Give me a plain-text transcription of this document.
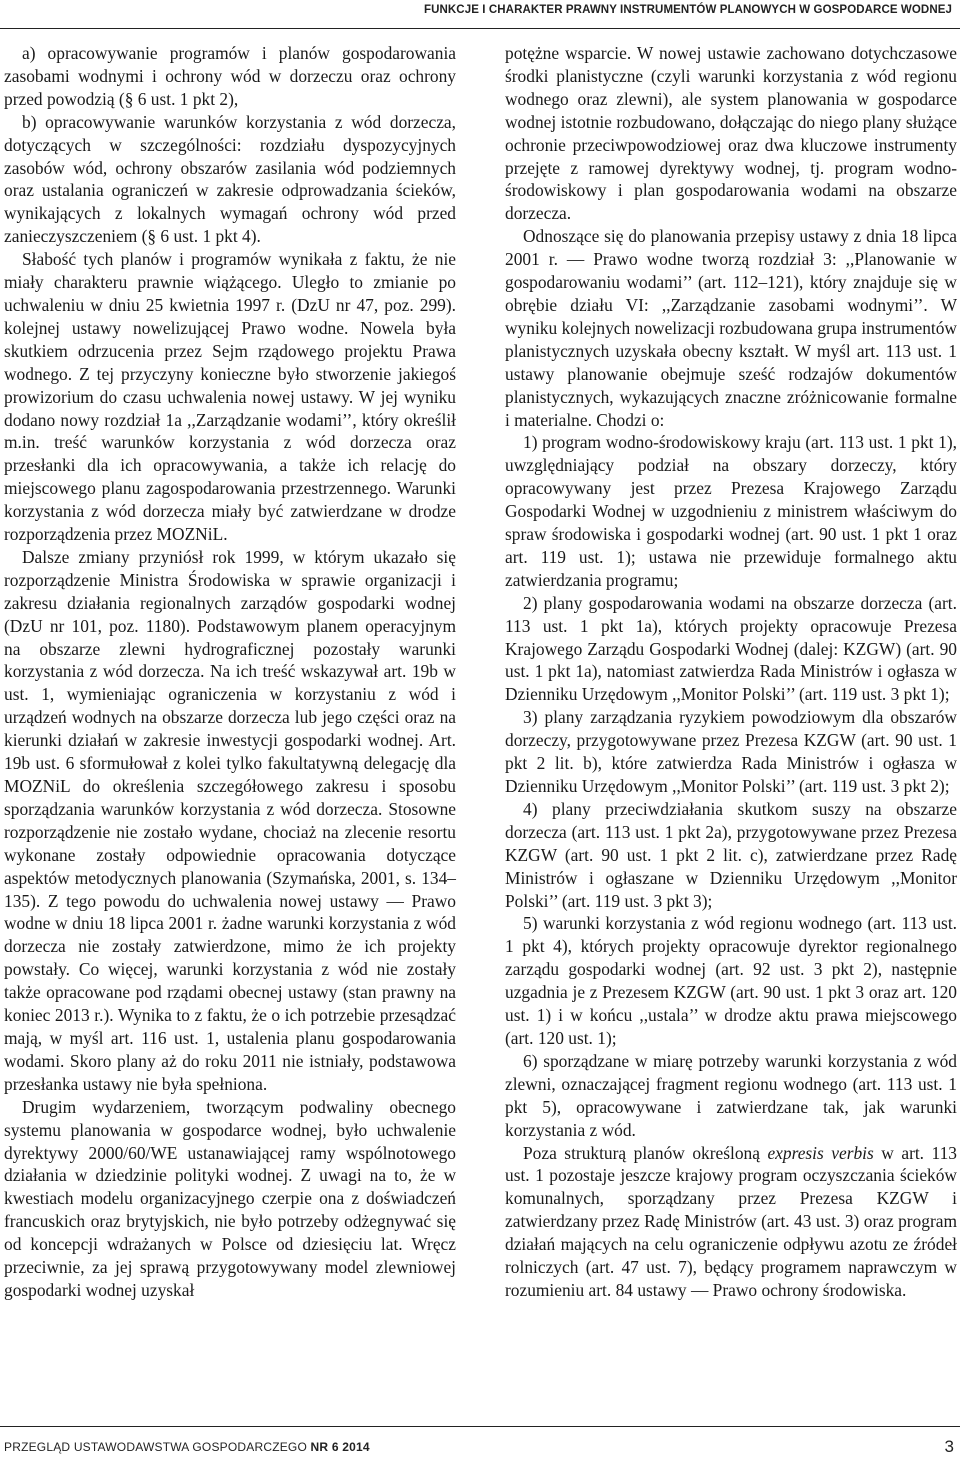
FUNKCJE I CHARAKTER PRAWNY INSTRUMENTÓW PLANOWYCH W GOSPODARCE WODNEJ

a) opracowywanie programów i planów gospodarowania zasobami wodnymi i ochrony wód w dorzeczu oraz ochrony przed powodzią (§ 6 ust. 1 pkt 2),

b) opracowywanie warunków korzystania z wód dorzecza, dotyczących w szczególności: rozdziału dyspozycyjnych zasobów wód, ochrony obszarów zasilania wód podziemnych oraz ustalania ograniczeń w zakresie odprowadzania ścieków, wynikających z lokalnych wymagań ochrony wód przed zanieczyszczeniem (§ 6 ust. 1 pkt 4).

Słabość tych planów i programów wynikała z faktu, że nie miały charakteru prawnie wiążącego. Uległo to zmianie po uchwaleniu w dniu 25 kwietnia 1997 r. (DzU nr 47, poz. 299). kolejnej ustawy nowelizującej Prawo wodne. Nowela była skutkiem odrzucenia przez Sejm rządowego projektu Prawa wodnego. Z tej przyczyny konieczne było stworzenie jakiegoś prowizorium do czasu uchwalenia nowej ustawy. W jej wyniku dodano nowy rozdział 1a ,,Zarządzanie wodami’’, który określił m.in. treść warunków korzystania z wód dorzecza oraz przesłanki dla ich opracowywania, a także ich relację do miejscowego planu zagospodarowania przestrzennego. Warunki korzystania z wód dorzecza miały być zatwierdzane w drodze rozporządzenia przez MOZNiL.

Dalsze zmiany przyniósł rok 1999, w którym ukazało się rozporządzenie Ministra Środowiska w sprawie organizacji i zakresu działania regionalnych zarządów gospodarki wodnej (DzU nr 101, poz. 1180). Podstawowym planem operacyjnym na obszarze zlewni hydrograficznej pozostały warunki korzystania z wód dorzecza. Na ich treść wskazywał art. 19b w ust. 1, wymieniając ograniczenia w korzystaniu z wód i urządzeń wodnych na obszarze dorzecza lub jego części oraz na kierunki działań w zakresie inwestycji gospodarki wodnej. Art. 19b ust. 6 sformułował z kolei tylko fakultatywną delegację dla MOZNiL do określenia szczegółowego zakresu i sposobu sporządzania warunków korzystania z wód dorzecza. Stosowne rozporządzenie nie zostało wydane, chociaż na zlecenie resortu wykonane zostały odpowiednie opracowania dotyczące aspektów metodycznych planowania (Szymańska, 2001, s. 134–135). Z tego powodu do uchwalenia nowej ustawy — Prawo wodne w dniu 18 lipca 2001 r. żadne warunki korzystania z wód dorzecza nie zostały zatwierdzone, mimo że ich projekty powstały. Co więcej, warunki korzystania z wód nie zostały także opracowane pod rządami obecnej ustawy (stan prawny na koniec 2013 r.). Wynika to z faktu, że o ich potrzebie przesądzać mają, w myśl art. 116 ust. 1, ustalenia planu gospodarowania wodami. Skoro plany aż do roku 2011 nie istniały, podstawowa przesłanka ustawy nie była spełniona.

Drugim wydarzeniem, tworzącym podwaliny obecnego systemu planowania w gospodarce wodnej, było uchwalenie dyrektywy 2000/60/WE ustanawiającej ramy wspólnotowego działania w dziedzinie polityki wodnej. Z uwagi na to, że w kwestiach modelu organizacyjnego czerpie ona z doświadczeń francuskich oraz brytyjskich, nie było potrzeby odżegnywać się od koncepcji wdrażanych w Polsce od dziesięciu lat. Wręcz przeciwnie, za jej sprawą przygotowywany model zlewniowej gospodarki wodnej uzyskał

potężne wsparcie. W nowej ustawie zachowano dotychczasowe środki planistyczne (czyli warunki korzystania z wód regionu wodnego oraz zlewni), ale system planowania w gospodarce wodnej istotnie rozbudowano, dołączając do niego plany służące ochronie przeciwpowodziowej oraz dwa kluczowe instrumenty przejęte z ramowej dyrektywy wodnej, tj. program wodno-środowiskowy i plan gospodarowania wodami na obszarze dorzecza.

Odnoszące się do planowania przepisy ustawy z dnia 18 lipca 2001 r. — Prawo wodne tworzą rozdział 3: ,,Planowanie w gospodarowaniu wodami’’ (art. 112–121), który znajduje się w obrębie działu VI: ,,Zarządzanie zasobami wodnymi’’. W wyniku kolejnych nowelizacji rozbudowana grupa instrumentów planistycznych uzyskała obecny kształt. W myśl art. 113 ust. 1 ustawy planowanie obejmuje sześć rodzajów dokumentów planistycznych, wykazujących znaczne zróżnicowanie formalne i materialne. Chodzi o:

1) program wodno-środowiskowy kraju (art. 113 ust. 1 pkt 1), uwzględniający podział na obszary dorzeczy, który opracowywany jest przez Prezesa Krajowego Zarządu Gospodarki Wodnej w uzgodnieniu z ministrem właściwym do spraw środowiska i gospodarki wodnej (art. 90 ust. 1 pkt 1 oraz art. 119 ust. 1); ustawa nie przewiduje formalnego aktu zatwierdzania programu;

2) plany gospodarowania wodami na obszarze dorzecza (art. 113 ust. 1 pkt 1a), których projekty opracowuje Prezesa Krajowego Zarządu Gospodarki Wodnej (dalej: KZGW) (art. 90 ust. 1 pkt 1a), natomiast zatwierdza Rada Ministrów i ogłasza w Dzienniku Urzędowym ,,Monitor Polski’’ (art. 119 ust. 3 pkt 1);

3) plany zarządzania ryzykiem powodziowym dla obszarów dorzeczy, przygotowywane przez Prezesa KZGW (art. 90 ust. 1 pkt 2 lit. b), które zatwierdza Rada Ministrów i ogłasza w Dzienniku Urzędowym ,,Monitor Polski’’ (art. 119 ust. 3 pkt 2);

4) plany przeciwdziałania skutkom suszy na obszarze dorzecza (art. 113 ust. 1 pkt 2a), przygotowywane przez Prezesa KZGW (art. 90 ust. 1 pkt 2 lit. c), zatwierdzane przez Radę Ministrów i ogłaszane w Dzienniku Urzędowym ,,Monitor Polski’’ (art. 119 ust. 3 pkt 3);

5) warunki korzystania z wód regionu wodnego (art. 113 ust. 1 pkt 4), których projekty opracowuje dyrektor regionalnego zarządu gospodarki wodnej (art. 92 ust. 3 pkt 2), następnie uzgadnia je z Prezesem KZGW (art. 90 ust. 1 pkt 3 oraz art. 120 ust. 1) i w końcu ,,ustala’’ w drodze aktu prawa miejscowego (art. 120 ust. 1);

6) sporządzane w miarę potrzeby warunki korzystania z wód zlewni, oznaczającej fragment regionu wodnego (art. 113 ust. 1 pkt 5), opracowywane i zatwierdzane tak, jak warunki korzystania z wód.

Poza strukturą planów określoną expresis verbis w art. 113 ust. 1 pozostaje jeszcze krajowy program oczyszczania ścieków komunalnych, sporządzany przez Prezesa KZGW i zatwierdzany przez Radę Ministrów (art. 43 ust. 3) oraz program działań mających na celu ograniczenie odpływu azotu ze źródeł rolniczych (art. 47 ust. 7), będący programem naprawczym w rozumieniu art. 84 ustawy — Prawo ochrony środowiska.

PRZEGLĄD USTAWODAWSTWA GOSPODARCZEGO NR 6 2014	3
